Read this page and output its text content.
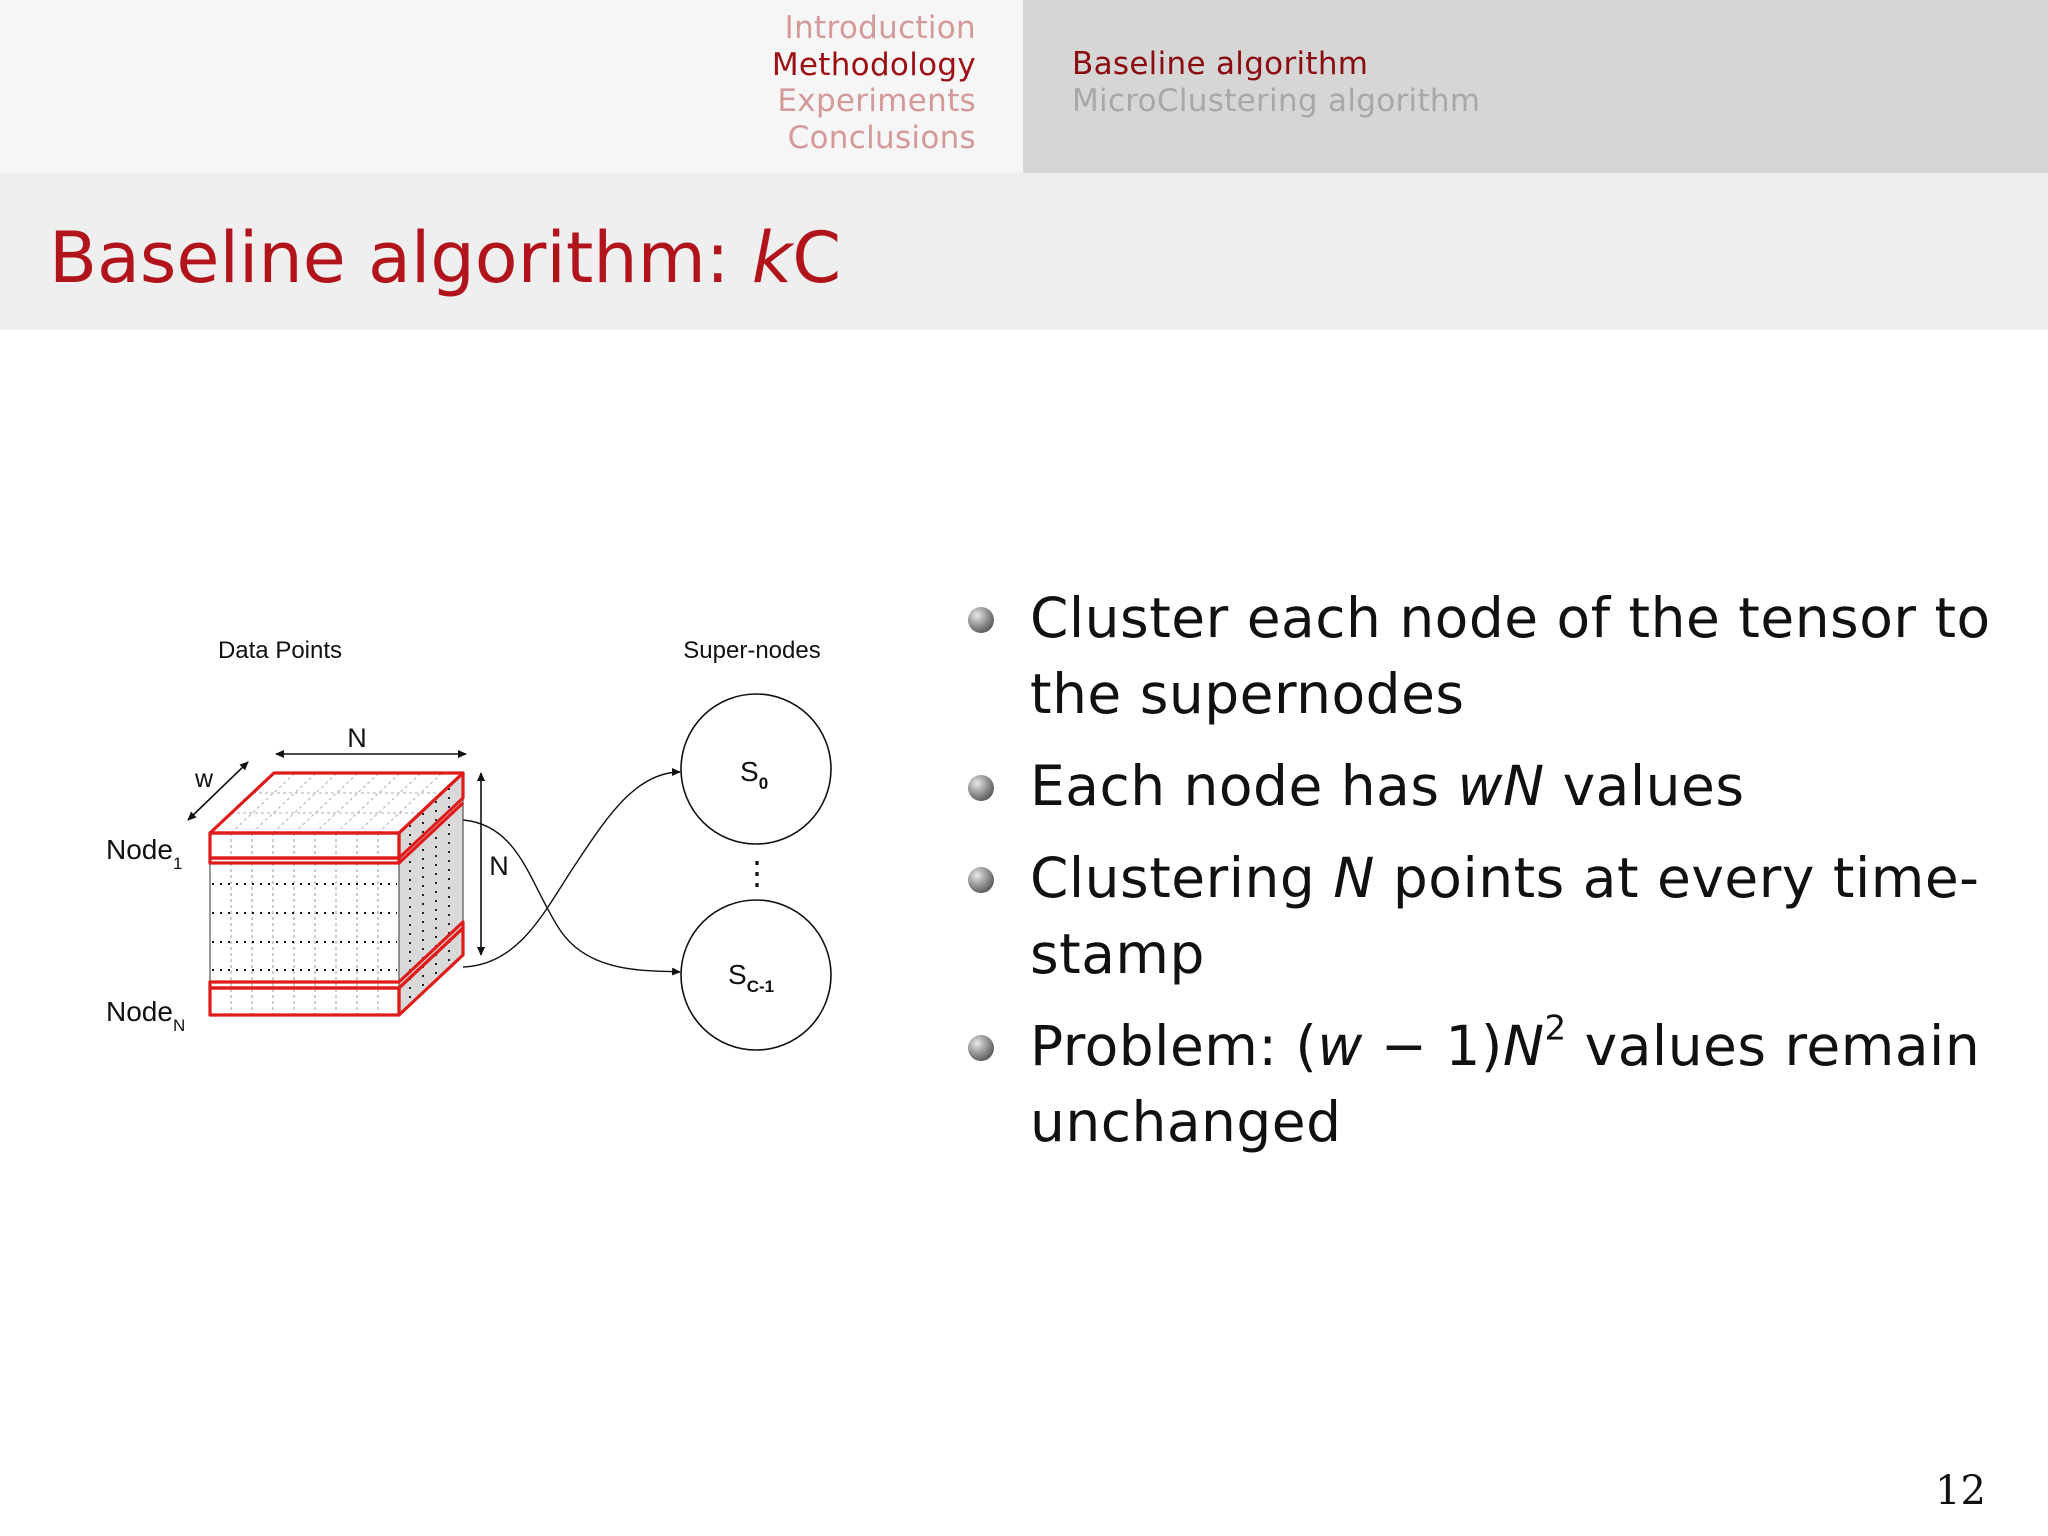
Introduction
Methodology
Experiments
Conclusions
Baseline algorithm
MicroClustering algorithm
Baseline algorithm: kC
Data Points	Super-nodes
N
w
N
Node$_1$
Node$_N$
$S_0$
⋮
$S_{C-1}$
Cluster each node of the tensor to the supernodes
Each node has wN values
Clustering N points at every time-stamp
Problem: $(w - 1)N^2$ values remain unchanged
12
